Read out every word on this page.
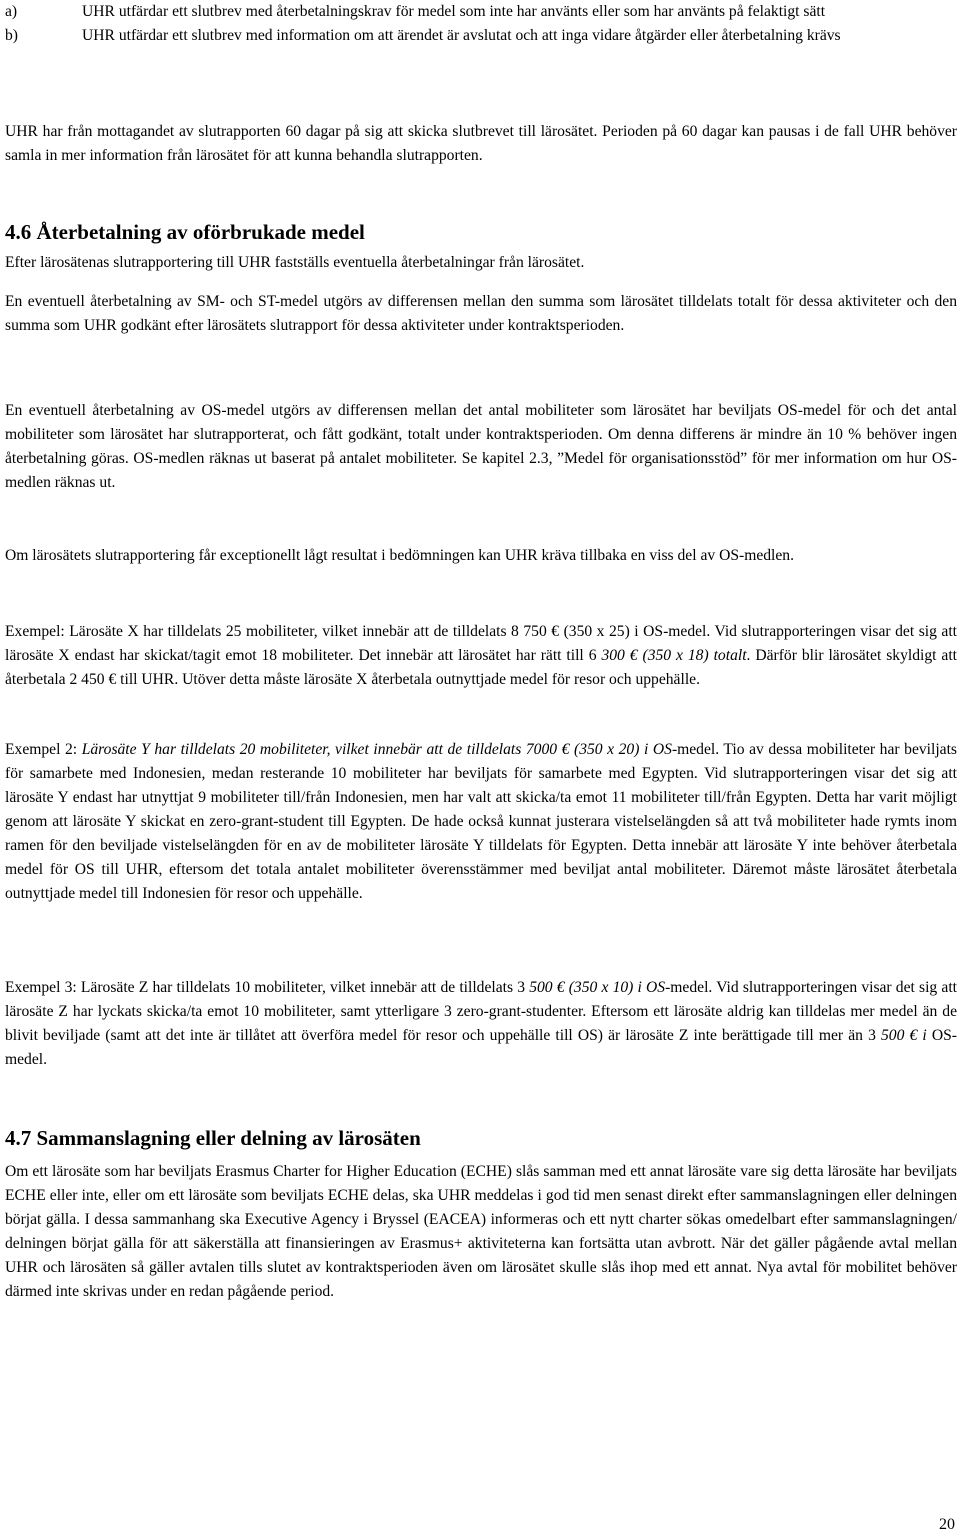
a)	UHR utfärdar ett slutbrev med återbetalningskrav för medel som inte har använts eller som har använts på felaktigt sätt
b)	UHR utfärdar ett slutbrev med information om att ärendet är avslutat och att inga vidare åtgärder eller återbetalning krävs

UHR har från mottagandet av slutrapporten 60 dagar på sig att skicka slutbrevet till lärosätet. Perioden på 60 dagar kan pausas i de fall UHR behöver samla in mer information från lärosätet för att kunna behandla slutrapporten.

4.6 Återbetalning av oförbrukade medel

Efter lärosätenas slutrapportering till UHR fastställs eventuella återbetalningar från lärosätet.

En eventuell återbetalning av SM- och ST-medel utgörs av differensen mellan den summa som lärosätet tilldelats totalt för dessa aktiviteter och den summa som UHR godkänt efter lärosätets slutrapport för dessa aktiviteter under kontraktsperioden.

En eventuell återbetalning av OS-medel utgörs av differensen mellan det antal mobiliteter som lärosätet har beviljats OS-medel för och det antal mobiliteter som lärosätet har slutrapporterat, och fått godkänt, totalt under kontraktsperioden. Om denna differens är mindre än 10 % behöver ingen återbetalning göras. OS-medlen räknas ut baserat på antalet mobiliteter. Se kapitel 2.3, ”Medel för organisationsstöd” för mer information om hur OS-medlen räknas ut.

Om lärosätets slutrapportering får exceptionellt lågt resultat i bedömningen kan UHR kräva tillbaka en viss del av OS-medlen.

Exempel: Lärosäte X har tilldelats 25 mobiliteter, vilket innebär att de tilldelats 8 750 € (350 x 25) i OS-medel. Vid slutrapporteringen visar det sig att lärosäte X endast har skickat/tagit emot 18 mobiliteter. Det innebär att lärosätet har rätt till 6 300 € (350 x 18) totalt. Därför blir lärosätet skyldigt att återbetala 2 450 € till UHR. Utöver detta måste lärosäte X återbetala outnyttjade medel för resor och uppehälle.

Exempel 2: Lärosäte Y har tilldelats 20 mobiliteter, vilket innebär att de tilldelats 7000 € (350 x 20) i OS-medel. Tio av dessa mobiliteter har beviljats för samarbete med Indonesien, medan resterande 10 mobiliteter har beviljats för samarbete med Egypten. Vid slutrapporteringen visar det sig att lärosäte Y endast har utnyttjat 9 mobiliteter till/från Indonesien, men har valt att skicka/ta emot 11 mobiliteter till/från Egypten. Detta har varit möjligt genom att lärosäte Y skickat en zero-grant-student till Egypten. De hade också kunnat justerara vistelselängden så att två mobiliteter hade rymts inom ramen för den beviljade vistelselängden för en av de mobiliteter lärosäte Y tilldelats för Egypten. Detta innebär att lärosäte Y inte behöver återbetala medel för OS till UHR, eftersom det totala antalet mobiliteter överensstämmer med beviljat antal mobiliteter. Däremot måste lärosätet återbetala outnyttjade medel till Indonesien för resor och uppehälle.

Exempel 3: Lärosäte Z har tilldelats 10 mobiliteter, vilket innebär att de tilldelats 3 500 € (350 x 10) i OS-medel. Vid slutrapporteringen visar det sig att lärosäte Z har lyckats skicka/ta emot 10 mobiliteter, samt ytterligare 3 zero-grant-studenter. Eftersom ett lärosäte aldrig kan tilldelas mer medel än de blivit beviljade (samt att det inte är tillåtet att överföra medel för resor och uppehälle till OS) är lärosäte Z inte berättigade till mer än 3 500 € i OS-medel.

4.7 Sammanslagning eller delning av lärosäten

Om ett lärosäte som har beviljats Erasmus Charter for Higher Education (ECHE) slås samman med ett annat lärosäte vare sig detta lärosäte har beviljats ECHE eller inte, eller om ett lärosäte som beviljats ECHE delas, ska UHR meddelas i god tid men senast direkt efter sammanslagningen eller delningen börjat gälla. I dessa sammanhang ska Executive Agency i Bryssel (EACEA) informeras och ett nytt charter sökas omedelbart efter sammanslagningen/ delningen börjat gälla för att säkerställa att finansieringen av Erasmus+ aktiviteterna kan fortsätta utan avbrott. När det gäller pågående avtal mellan UHR och lärosäten så gäller avtalen tills slutet av kontraktsperioden även om lärosätet skulle slås ihop med ett annat. Nya avtal för mobilitet behöver därmed inte skrivas under en redan pågående period.

20
